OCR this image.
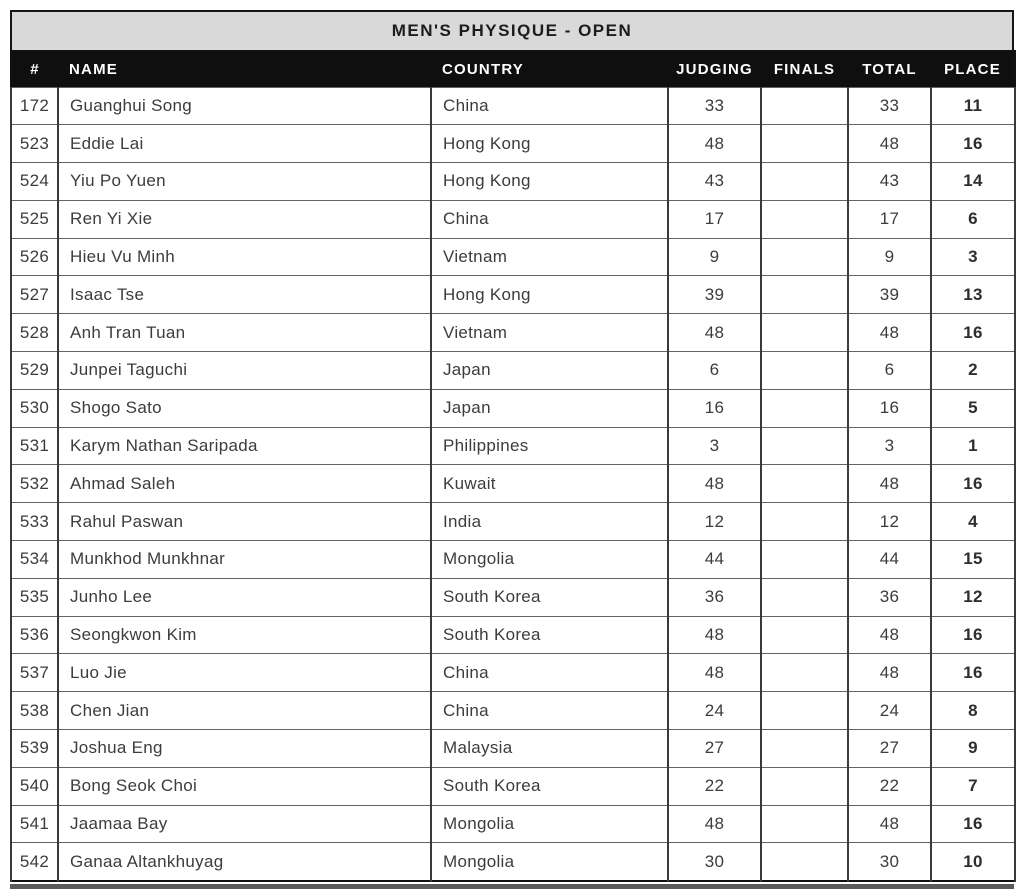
MEN'S PHYSIQUE - OPEN
#	NAME	COUNTRY	JUDGING	FINALS	TOTAL	PLACE
172	Guanghui Song	China	33		33	11
523	Eddie Lai	Hong Kong	48		48	16
524	Yiu Po Yuen	Hong Kong	43		43	14
525	Ren Yi Xie	China	17		17	6
526	Hieu Vu Minh	Vietnam	9		9	3
527	Isaac Tse	Hong Kong	39		39	13
528	Anh Tran Tuan	Vietnam	48		48	16
529	Junpei Taguchi	Japan	6		6	2
530	Shogo Sato	Japan	16		16	5
531	Karym Nathan Saripada	Philippines	3		3	1
532	Ahmad Saleh	Kuwait	48		48	16
533	Rahul Paswan	India	12		12	4
534	Munkhod Munkhnar	Mongolia	44		44	15
535	Junho Lee	South Korea	36		36	12
536	Seongkwon Kim	South Korea	48		48	16
537	Luo Jie	China	48		48	16
538	Chen Jian	China	24		24	8
539	Joshua Eng	Malaysia	27		27	9
540	Bong Seok Choi	South Korea	22		22	7
541	Jaamaa Bay	Mongolia	48		48	16
542	Ganaa Altankhuyag	Mongolia	30		30	10
